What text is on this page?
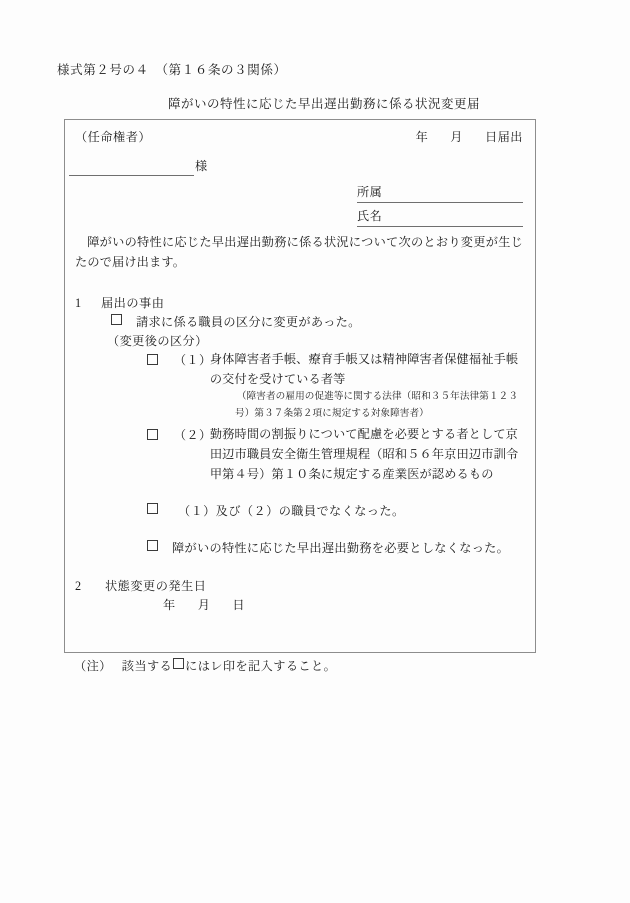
様式第２号の４　（第１６条の３関係）
障がいの特性に応じた早出遅出勤務に係る状況変更届
（任命権者）	年 月 日届出
様
所属
氏名
障がいの特性に応じた早出遅出勤務に係る状況について次のとおり変更が生じたので届け出ます。
1 届出の事由
請求に係る職員の区分に変更があった。
（変更後の区分）
（１）
身体障害者手帳、療育手帳又は精神障害者保健福祉手帳の交付を受けている者等
（障害者の雇用の促進等に関する法律（昭和３５年法律第１２３号）第３７条第２項に規定する対象障害者）
（２）
勤務時間の割振りについて配慮を必要とする者として京田辺市職員安全衛生管理規程（昭和５６年京田辺市訓令甲第４号）第１０条に規定する産業医が認めるもの
（１）及び（２）の職員でなくなった。
障がいの特性に応じた早出遅出勤務を必要としなくなった。
2 状態変更の発生日
年 月 日
（注） 該当する にはレ印を記入すること。
